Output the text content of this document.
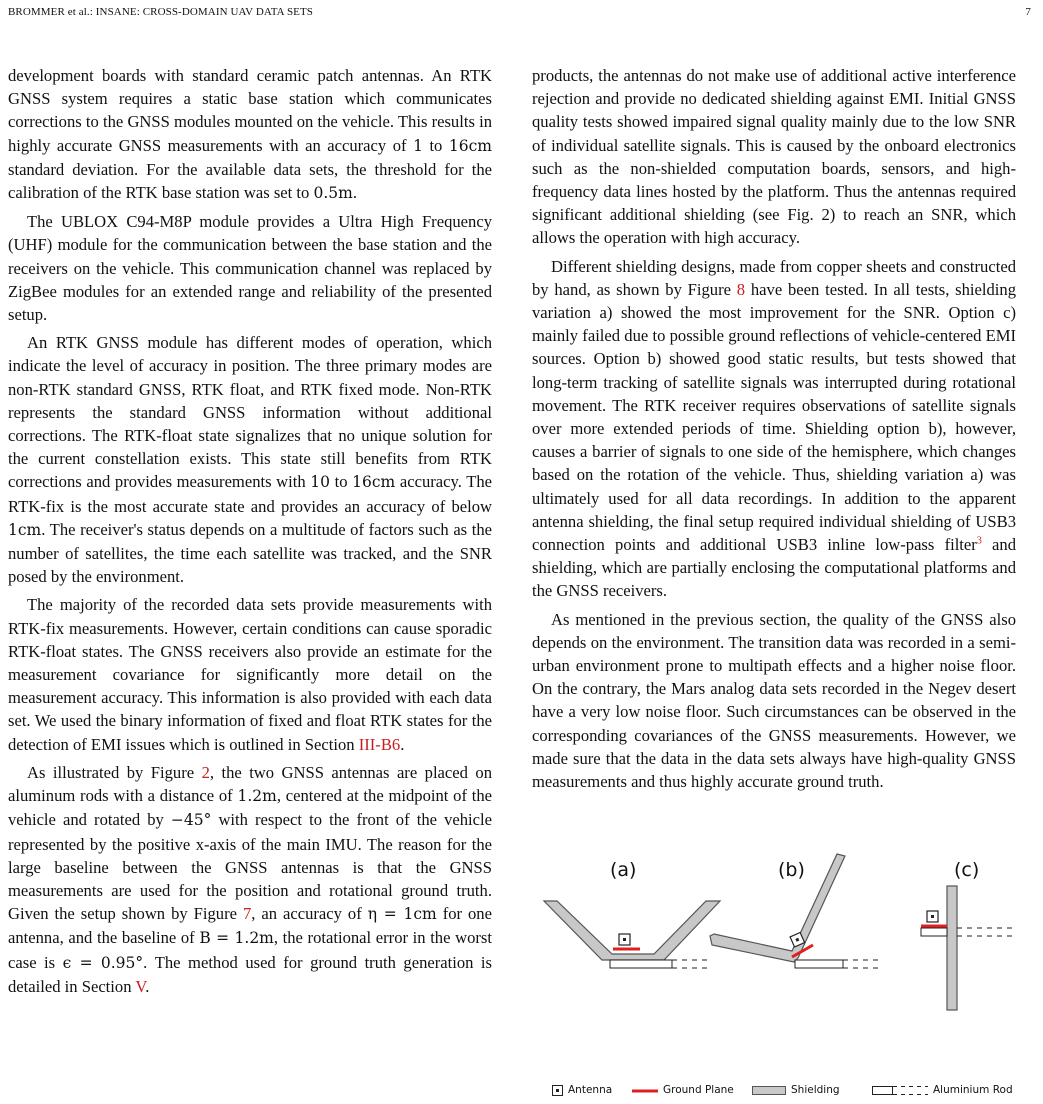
BROMMER et al.: INSANE: CROSS-DOMAIN UAV DATA SETS	7

development boards with standard ceramic patch antennas. An RTK GNSS system requires a static base station which communicates corrections to the GNSS modules mounted on the vehicle. This results in highly accurate GNSS measurements with an accuracy of 1 to 16cm standard deviation. For the available data sets, the threshold for the calibration of the RTK base station was set to 0.5m.

The UBLOX C94-M8P module provides a Ultra High Frequency (UHF) module for the communication between the base station and the receivers on the vehicle. This communication channel was replaced by ZigBee modules for an extended range and reliability of the presented setup.

An RTK GNSS module has different modes of operation, which indicate the level of accuracy in position. The three primary modes are non-RTK standard GNSS, RTK float, and RTK fixed mode. Non-RTK represents the standard GNSS information without additional corrections. The RTK-float state signalizes that no unique solution for the current constellation exists. This state still benefits from RTK corrections and provides measurements with 10 to 16cm accuracy. The RTK-fix is the most accurate state and provides an accuracy of below 1cm. The receiver's status depends on a multitude of factors such as the number of satellites, the time each satellite was tracked, and the SNR posed by the environment.

The majority of the recorded data sets provide measurements with RTK-fix measurements. However, certain conditions can cause sporadic RTK-float states. The GNSS receivers also provide an estimate for the measurement covariance for significantly more detail on the measurement accuracy. This information is also provided with each data set. We used the binary information of fixed and float RTK states for the detection of EMI issues which is outlined in Section III-B6.

As illustrated by Figure 2, the two GNSS antennas are placed on aluminum rods with a distance of 1.2m, centered at the midpoint of the vehicle and rotated by −45° with respect to the front of the vehicle represented by the positive x-axis of the main IMU. The reason for the large baseline between the GNSS antennas is that the GNSS measurements are used for the position and rotational ground truth. Given the setup shown by Figure 7, an accuracy of η = 1cm for one antenna, and the baseline of B = 1.2m, the rotational error in the worst case is ϵ = 0.95°. The method used for ground truth generation is detailed in Section V.

products, the antennas do not make use of additional active interference rejection and provide no dedicated shielding against EMI. Initial GNSS quality tests showed impaired signal quality mainly due to the low SNR of individual satellite signals. This is caused by the onboard electronics such as the non-shielded computation boards, sensors, and high-frequency data lines hosted by the platform. Thus the antennas required significant additional shielding (see Fig. 2) to reach an SNR, which allows the operation with high accuracy.

Different shielding designs, made from copper sheets and constructed by hand, as shown by Figure 8 have been tested. In all tests, shielding variation a) showed the most improvement for the SNR. Option c) mainly failed due to possible ground reflections of vehicle-centered EMI sources. Option b) showed good static results, but tests showed that long-term tracking of satellite signals was interrupted during rotational movement. The RTK receiver requires observations of satellite signals over more extended periods of time. Shielding option b), however, causes a barrier of signals to one side of the hemisphere, which changes based on the rotation of the vehicle. Thus, shielding variation a) was ultimately used for all data recordings. In addition to the apparent antenna shielding, the final setup required individual shielding of USB3 connection points and additional USB3 inline low-pass filter$^3$ and shielding, which are partially enclosing the computational platforms and the GNSS receivers.

As mentioned in the previous section, the quality of the GNSS also depends on the environment. The transition data was recorded in a semi-urban environment prone to multipath effects and a higher noise floor. On the contrary, the Mars analog data sets recorded in the Negev desert have a very low noise floor. Such circumstances can be observed in the corresponding covariances of the GNSS measurements. However, we made sure that the data in the data sets always have high-quality GNSS measurements and thus highly accurate ground truth.

(a)	(b)	(c)
Antenna	Ground Plane	Shielding	Aluminium Rod
